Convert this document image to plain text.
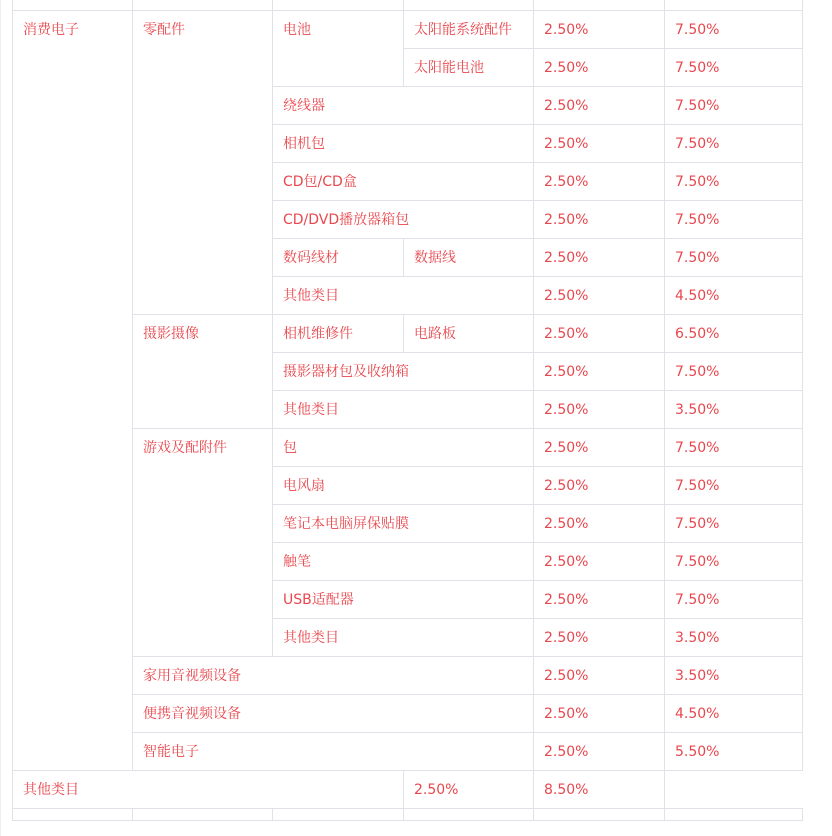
消费电子	零配件	电池	太阳能系统配件	2.50%	7.50%
			太阳能电池	2.50%	7.50%
		绕线器		2.50%	7.50%
		相机包		2.50%	7.50%
		CD包/CD盒		2.50%	7.50%
		CD/DVD播放器箱包		2.50%	7.50%
		数码线材	数据线	2.50%	7.50%
		其他类目		2.50%	4.50%
	摄影摄像	相机维修件	电路板	2.50%	6.50%
		摄影器材包及收纳箱		2.50%	7.50%
		其他类目		2.50%	3.50%
	游戏及配附件	包		2.50%	7.50%
		电风扇		2.50%	7.50%
		笔记本电脑屏保贴膜		2.50%	7.50%
		触笔		2.50%	7.50%
		USB适配器		2.50%	7.50%
		其他类目		2.50%	3.50%
	家用音视频设备			2.50%	3.50%
	便携音视频设备			2.50%	4.50%
	智能电子			2.50%	5.50%
其他类目			2.50%	8.50%	
